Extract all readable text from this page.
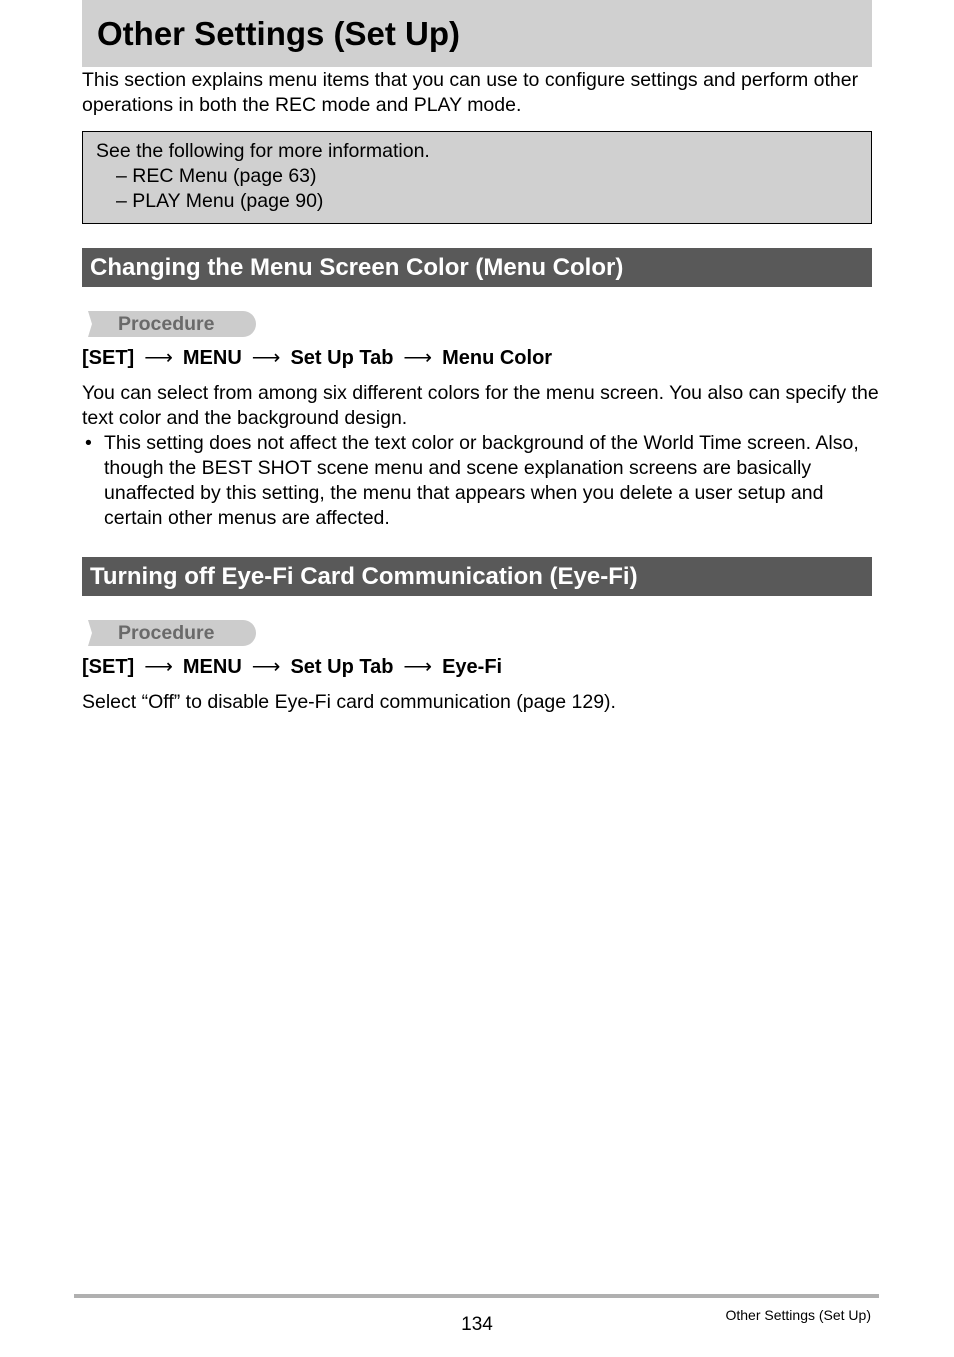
Other Settings (Set Up)
This section explains menu items that you can use to configure settings and perform other operations in both the REC mode and PLAY mode.
See the following for more information.
– REC Menu (page 63)
– PLAY Menu (page 90)
Changing the Menu Screen Color (Menu Color)
Procedure
[SET] ⟶ MENU ⟶ Set Up Tab ⟶ Menu Color
You can select from among six different colors for the menu screen. You also can specify the text color and the background design.
• This setting does not affect the text color or background of the World Time screen. Also, though the BEST SHOT scene menu and scene explanation screens are basically unaffected by this setting, the menu that appears when you delete a user setup and certain other menus are affected.
Turning off Eye-Fi Card Communication (Eye-Fi)
Procedure
[SET] ⟶ MENU ⟶ Set Up Tab ⟶ Eye-Fi
Select “Off” to disable Eye-Fi card communication (page 129).
134	Other Settings (Set Up)
